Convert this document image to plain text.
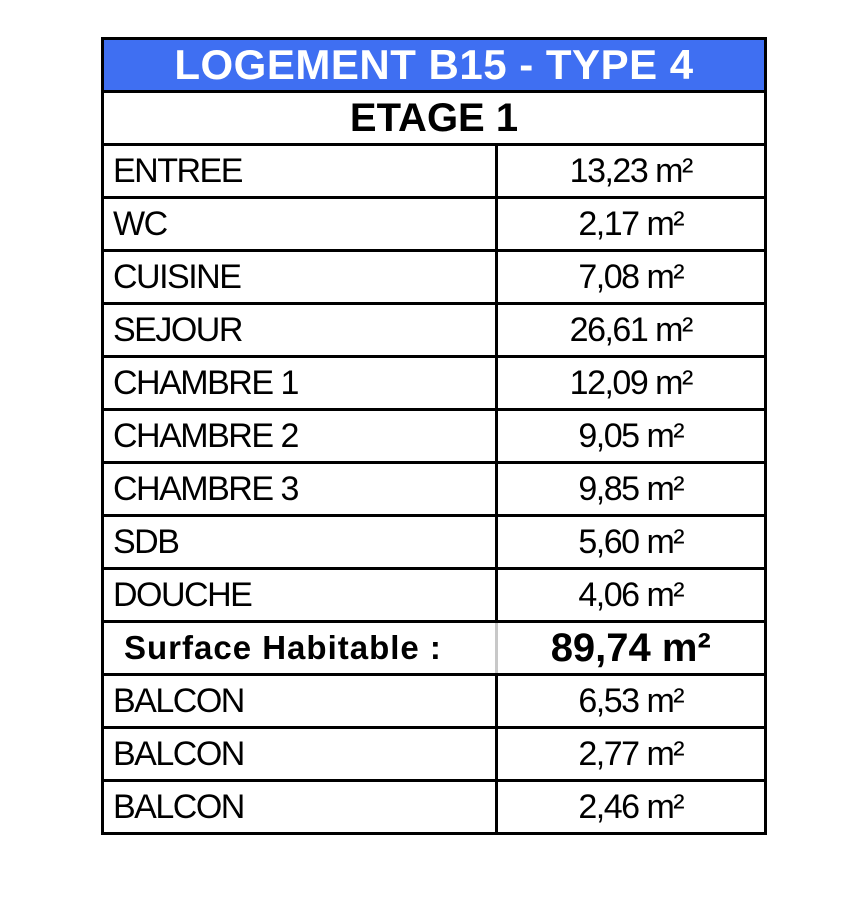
LOGEMENT B15 - TYPE 4
ETAGE 1
ENTREE	13,23 m²
WC	2,17 m²
CUISINE	7,08 m²
SEJOUR	26,61 m²
CHAMBRE 1	12,09 m²
CHAMBRE 2	9,05 m²
CHAMBRE 3	9,85 m²
SDB	5,60 m²
DOUCHE	4,06 m²
Surface Habitable :	89,74 m²
BALCON	6,53 m²
BALCON	2,77 m²
BALCON	2,46 m²
